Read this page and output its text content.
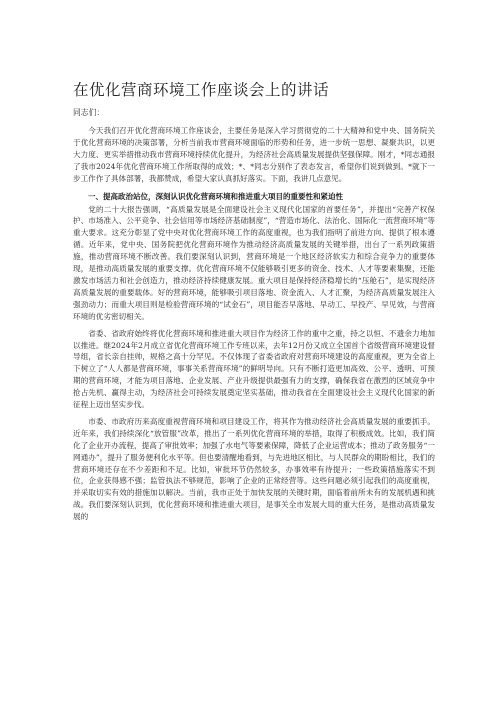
在优化营商环境工作座谈会上的讲话

同志们：

今天我们召开优化营商环境工作座谈会，主要任务是深入学习贯彻党的二十大精神和党中央、国务院关于优化营商环境的决策部署，分析当前我市营商环境面临的形势和任务，进一步统一思想、凝聚共识，以更大力度、更实举措推动我市营商环境持续优化提升，为经济社会高质量发展提供坚强保障。刚才，*同志通报了我市2024年优化营商环境工作所取得的成效；*、*同志分别作了表态发言，希望你们说到做到。*就下一步工作作了具体部署，我都赞成，希望大家认真抓好落实。下面，我讲几点意见。

一、提高政治站位，深刻认识优化营商环境和推进重大项目的重要性和紧迫性

党的二十大报告强调，“高质量发展是全面建设社会主义现代化国家的首要任务”，并提出“完善产权保护、市场准入、公平竞争、社会信用等市场经济基础制度”，“营造市场化、法治化、国际化一流营商环境”等重大要求。这充分彰显了党中央对优化营商环境工作的高度重视，也为我们指明了前进方向、提供了根本遵循。近年来，党中央、国务院把优化营商环境作为推动经济高质量发展的关键举措，出台了一系列政策措施，推动营商环境不断改善。我们要深刻认识到，营商环境是一个地区经济软实力和综合竞争力的重要体现，是推动高质量发展的重要支撑。优化营商环境不仅能够吸引更多的资金、技术、人才等要素集聚，还能激发市场活力和社会创造力，推动经济持续健康发展。重大项目是保持经济稳增长的“压舱石”，是实现经济高质量发展的重要载体。好的营商环境，能够吸引项目落地、资金流入、人才汇聚，为经济高质量发展注入强劲动力；而重大项目则是检验营商环境的“试金石”，项目能否早落地、早动工、早投产、早见效，与营商环境的优劣密切相关。

省委、省政府始终将优化营商环境和推进重大项目作为经济工作的重中之重，持之以恒、不遗余力地加以推进。继2024年2月成立省优化营商环境工作专班以来，去年12月份又成立全国首个省级营商环境建设督导组，省长亲自挂帅，规格之高十分罕见。不仅体现了省委省政府对营商环境建设的高度重视，更为全省上下树立了“人人都是营商环境，事事关系营商环境”的鲜明导向。只有不断打造更加高效、公平、透明、可预期的营商环境，才能为项目落地、企业发展、产业升级提供最强有力的支撑，确保我省在激烈的区域竞争中抢占先机、赢得主动，为经济社会可持续发展奠定坚实基础，推动我省在全面建设社会主义现代化国家的新征程上迈出坚实步伐。

市委、市政府历来高度重视营商环境和项目建设工作，将其作为推动经济社会高质量发展的重要抓手。近年来，我们持续深化“放管服”改革，推出了一系列优化营商环境的举措，取得了积极成效。比如，我们简化了企业开办流程，提高了审批效率；加强了水电气等要素保障，降低了企业运营成本；推动了政务服务“一网通办”，提升了服务便利化水平等。但也要清醒地看到，与先进地区相比，与人民群众的期盼相比，我们的营商环境还存在不少差距和不足。比如，审批环节仍然较多，办事效率有待提升；一些政策措施落实不到位，企业获得感不强；监管执法不够规范，影响了企业的正常经营等。这些问题必须引起我们的高度重视，并采取切实有效的措施加以解决。当前，我市正处于加快发展的关键时期，面临着前所未有的发展机遇和挑战。我们要深刻认识到，优化营商环境和推进重大项目，是事关全市发展大局的重大任务，是推动高质量发展的
